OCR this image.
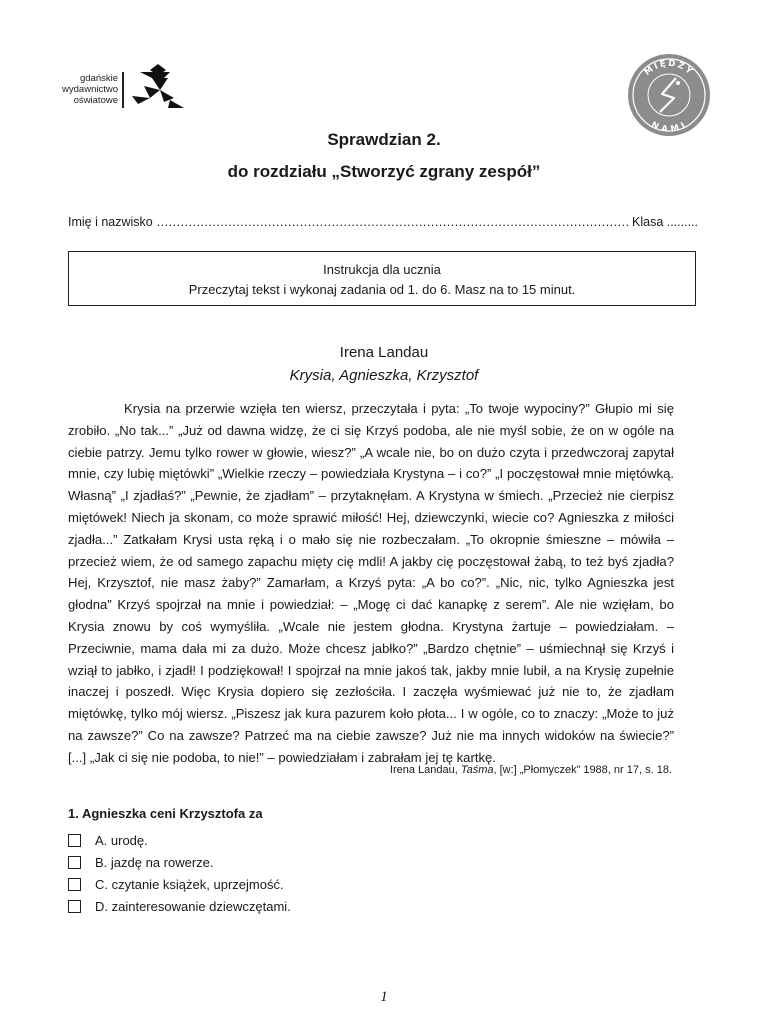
gdańskie
wydawnictwo
oświatowe
MIĘDZY
NAMI
Sprawdzian 2.
do rozdziału „Stworzyć zgrany zespół”
Imię i nazwisko
.....	Klasa .........
Instrukcja dla ucznia
Przeczytaj tekst i wykonaj zadania od 1. do 6. Masz na to 15 minut.
Irena Landau
Krysia, Agnieszka, Krzysztof

Krysia na przerwie wzięła ten wiersz, przeczytała i pyta: „To twoje wypociny?” Głupio mi się zrobiło. „No tak...” „Już od dawna widzę, że ci się Krzyś podoba, ale nie myśl sobie, że on w ogóle na ciebie patrzy. Jemu tylko rower w głowie, wiesz?” „A wcale nie, bo on dużo czyta i przedwczoraj zapytał mnie, czy lubię miętówki” „Wielkie rzeczy – powiedziała Krystyna – i co?” „I poczęstował mnie miętówką. Własną” „I zjadłaś?” „Pewnie, że zjadłam” – przytaknęłam. A Krystyna w śmiech. „Przecież nie cierpisz miętówek! Niech ja skonam, co może sprawić miłość! Hej, dziewczynki, wiecie co? Agnieszka z miłości zjadła...” Zatkałam Krysi usta ręką i o mało się nie rozbeczałam. „To okropnie śmieszne – mówiła – przecież wiem, że od samego zapachu mięty cię mdli! A jakby cię poczęstował żabą, to też byś zjadła? Hej, Krzysztof, nie masz żaby?” Zamarłam, a Krzyś pyta: „A bo co?”. „Nic, nic, tylko Agnieszka jest głodna” Krzyś spojrzał na mnie i powiedział: – „Mogę ci dać kanapkę z serem”. Ale nie wzięłam, bo Krysia znowu by coś wymyśliła. „Wcale nie jestem głodna. Krystyna żartuje – powiedziałam. – Przeciwnie, mama dała mi za dużo. Może chcesz jabłko?” „Bardzo chętnie” – uśmiechnął się Krzyś i wziął to jabłko, i zjadł! I podziękował! I spojrzał na mnie jakoś tak, jakby mnie lubił, a na Krysię zupełnie inaczej i poszedł. Więc Krysia dopiero się zezłościła. I zaczęła wyśmiewać już nie to, że zjadłam miętówkę, tylko mój wiersz. „Piszesz jak kura pazurem koło płota... I w ogóle, co to znaczy: „Może to już na zawsze?” Co na zawsze? Patrzeć ma na ciebie zawsze? Już nie ma innych widoków na świecie?” [...] „Jak ci się nie podoba, to nie!” – powiedziałam i zabrałam jej tę kartkę.

Irena Landau, Taśma, [w:] „Płomyczek” 1988, nr 17, s. 18.
1. Agnieszka ceni Krzysztofa za
A. urodę.
B. jazdę na rowerze.
C. czytanie książek, uprzejmość.
D. zainteresowanie dziewczętami.
1
